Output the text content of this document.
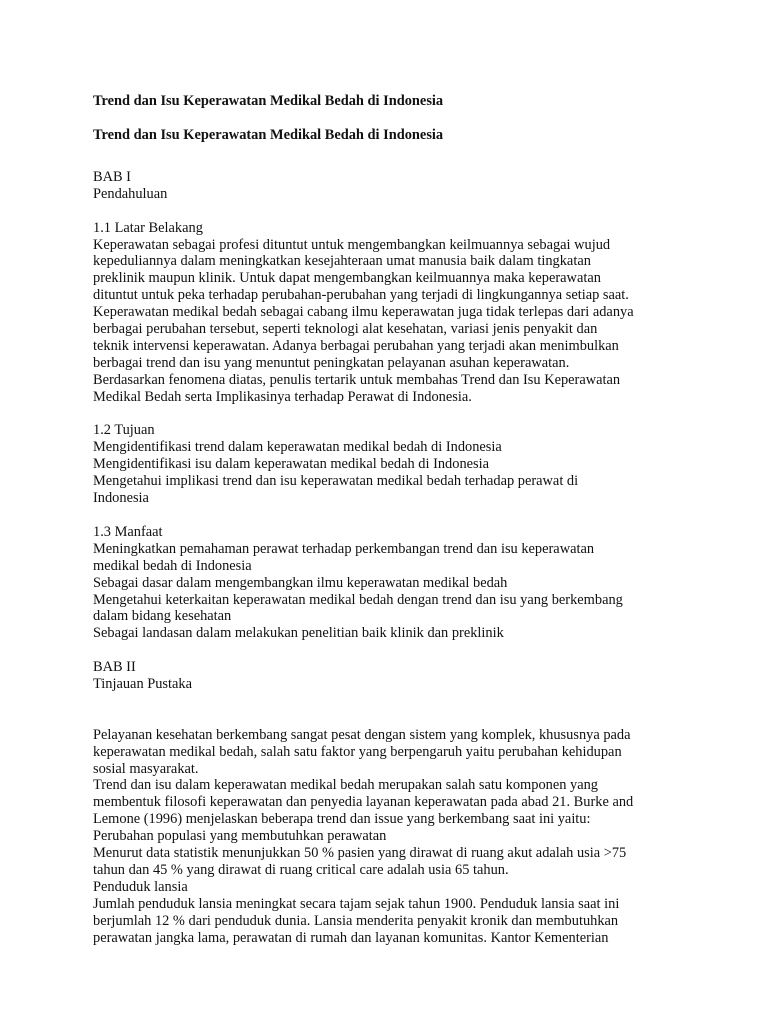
Trend dan Isu Keperawatan Medikal Bedah di Indonesia

Trend dan Isu Keperawatan Medikal Bedah di Indonesia

BAB I

Pendahuluan

1.1 Latar Belakang

Keperawatan sebagai profesi dituntut untuk mengembangkan keilmuannya sebagai wujud

kepeduliannya dalam meningkatkan kesejahteraan umat manusia baik dalam tingkatan

preklinik maupun klinik. Untuk dapat mengembangkan keilmuannya maka keperawatan

dituntut untuk peka terhadap perubahan-perubahan yang terjadi di lingkungannya setiap saat.

Keperawatan medikal bedah sebagai cabang ilmu keperawatan juga tidak terlepas dari adanya

berbagai perubahan tersebut, seperti teknologi alat kesehatan, variasi jenis penyakit dan

teknik intervensi keperawatan. Adanya berbagai perubahan yang terjadi akan menimbulkan

berbagai trend dan isu yang menuntut peningkatan pelayanan asuhan keperawatan.

Berdasarkan fenomena diatas, penulis tertarik untuk membahas Trend dan Isu Keperawatan

Medikal Bedah serta Implikasinya terhadap Perawat di Indonesia.

1.2 Tujuan

Mengidentifikasi trend dalam keperawatan medikal bedah di Indonesia

Mengidentifikasi isu dalam keperawatan medikal bedah di Indonesia

Mengetahui implikasi trend dan isu keperawatan medikal bedah terhadap perawat di

Indonesia

1.3 Manfaat

Meningkatkan pemahaman perawat terhadap perkembangan trend dan isu keperawatan

medikal bedah di Indonesia

Sebagai dasar dalam mengembangkan ilmu keperawatan medikal bedah

Mengetahui keterkaitan keperawatan medikal bedah dengan trend dan isu yang berkembang

dalam bidang kesehatan

Sebagai landasan dalam melakukan penelitian baik klinik dan preklinik

BAB II

Tinjauan Pustaka

Pelayanan kesehatan berkembang sangat pesat dengan sistem yang komplek, khususnya pada

keperawatan medikal bedah, salah satu faktor yang berpengaruh yaitu perubahan kehidupan

sosial masyarakat.

Trend dan isu dalam keperawatan medikal bedah merupakan salah satu komponen yang

membentuk filosofi keperawatan dan penyedia layanan keperawatan pada abad 21. Burke and

Lemone (1996) menjelaskan beberapa trend dan issue yang berkembang saat ini yaitu:

Perubahan populasi yang membutuhkan perawatan

Menurut data statistik menunjukkan 50 % pasien yang dirawat di ruang akut adalah usia >75

tahun dan 45 % yang dirawat di ruang critical care adalah usia 65 tahun.

Penduduk lansia

Jumlah penduduk lansia meningkat secara tajam sejak tahun 1900. Penduduk lansia saat ini

berjumlah 12 % dari penduduk dunia. Lansia menderita penyakit kronik dan membutuhkan

perawatan jangka lama, perawatan di rumah dan layanan komunitas. Kantor Kementerian
